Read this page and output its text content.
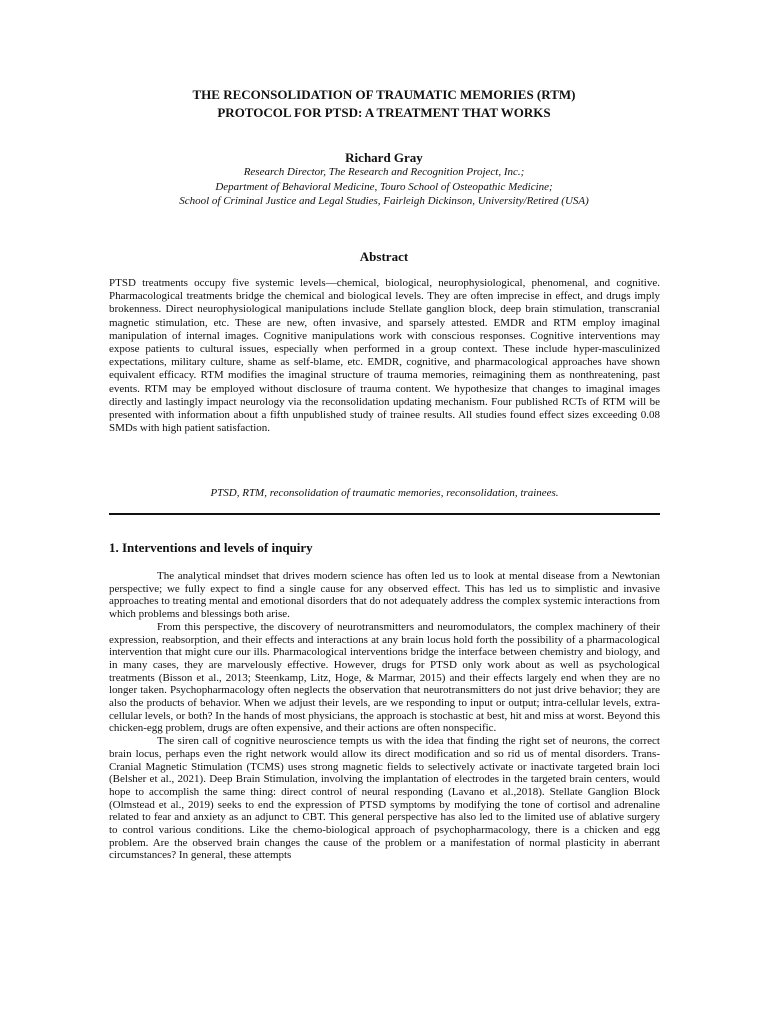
THE RECONSOLIDATION OF TRAUMATIC MEMORIES (RTM)
PROTOCOL FOR PTSD: A TREATMENT THAT WORKS
Richard Gray
Research Director, The Research and Recognition Project, Inc.;
Department of Behavioral Medicine, Touro School of Osteopathic Medicine;
School of Criminal Justice and Legal Studies, Fairleigh Dickinson, University/Retired (USA)
Abstract
PTSD treatments occupy five systemic levels—chemical, biological, neurophysiological, phenomenal, and cognitive. Pharmacological treatments bridge the chemical and biological levels. They are often imprecise in effect, and drugs imply brokenness. Direct neurophysiological manipulations include Stellate ganglion block, deep brain stimulation, transcranial magnetic stimulation, etc. These are new, often invasive, and sparsely attested. EMDR and RTM employ imaginal manipulation of internal images. Cognitive manipulations work with conscious responses. Cognitive interventions may expose patients to cultural issues, especially when performed in a group context. These include hyper-masculinized expectations, military culture, shame as self-blame, etc. EMDR, cognitive, and pharmacological approaches have shown equivalent efficacy. RTM modifies the imaginal structure of trauma memories, reimagining them as nonthreatening, past events. RTM may be employed without disclosure of trauma content. We hypothesize that changes to imaginal images directly and lastingly impact neurology via the reconsolidation updating mechanism. Four published RCTs of RTM will be presented with information about a fifth unpublished study of trainee results. All studies found effect sizes exceeding 0.08 SMDs with high patient satisfaction.
PTSD, RTM, reconsolidation of traumatic memories, reconsolidation, trainees.
1. Interventions and levels of inquiry

The analytical mindset that drives modern science has often led us to look at mental disease from a Newtonian perspective; we fully expect to find a single cause for any observed effect. This has led us to simplistic and invasive approaches to treating mental and emotional disorders that do not adequately address the complex systemic interactions from which problems and blessings both arise.

From this perspective, the discovery of neurotransmitters and neuromodulators, the complex machinery of their expression, reabsorption, and their effects and interactions at any brain locus hold forth the possibility of a pharmacological intervention that might cure our ills. Pharmacological interventions bridge the interface between chemistry and biology, and in many cases, they are marvelously effective. However, drugs for PTSD only work about as well as psychological treatments (Bisson et al., 2013; Steenkamp, Litz, Hoge, & Marmar, 2015) and their effects largely end when they are no longer taken. Psychopharmacology often neglects the observation that neurotransmitters do not just drive behavior; they are also the products of behavior. When we adjust their levels, are we responding to input or output; intra-cellular levels, extra-cellular levels, or both? In the hands of most physicians, the approach is stochastic at best, hit and miss at worst. Beyond this chicken-egg problem, drugs are often expensive, and their actions are often nonspecific.

The siren call of cognitive neuroscience tempts us with the idea that finding the right set of neurons, the correct brain locus, perhaps even the right network would allow its direct modification and so rid us of mental disorders. Trans-Cranial Magnetic Stimulation (TCMS) uses strong magnetic fields to selectively activate or inactivate targeted brain loci (Belsher et al., 2021). Deep Brain Stimulation, involving the implantation of electrodes in the targeted brain centers, would hope to accomplish the same thing: direct control of neural responding (Lavano et al.,2018). Stellate Ganglion Block (Olmstead et al., 2019) seeks to end the expression of PTSD symptoms by modifying the tone of cortisol and adrenaline related to fear and anxiety as an adjunct to CBT. This general perspective has also led to the limited use of ablative surgery to control various conditions. Like the chemo-biological approach of psychopharmacology, there is a chicken and egg problem. Are the observed brain changes the cause of the problem or a manifestation of normal plasticity in aberrant circumstances? In general, these attempts
